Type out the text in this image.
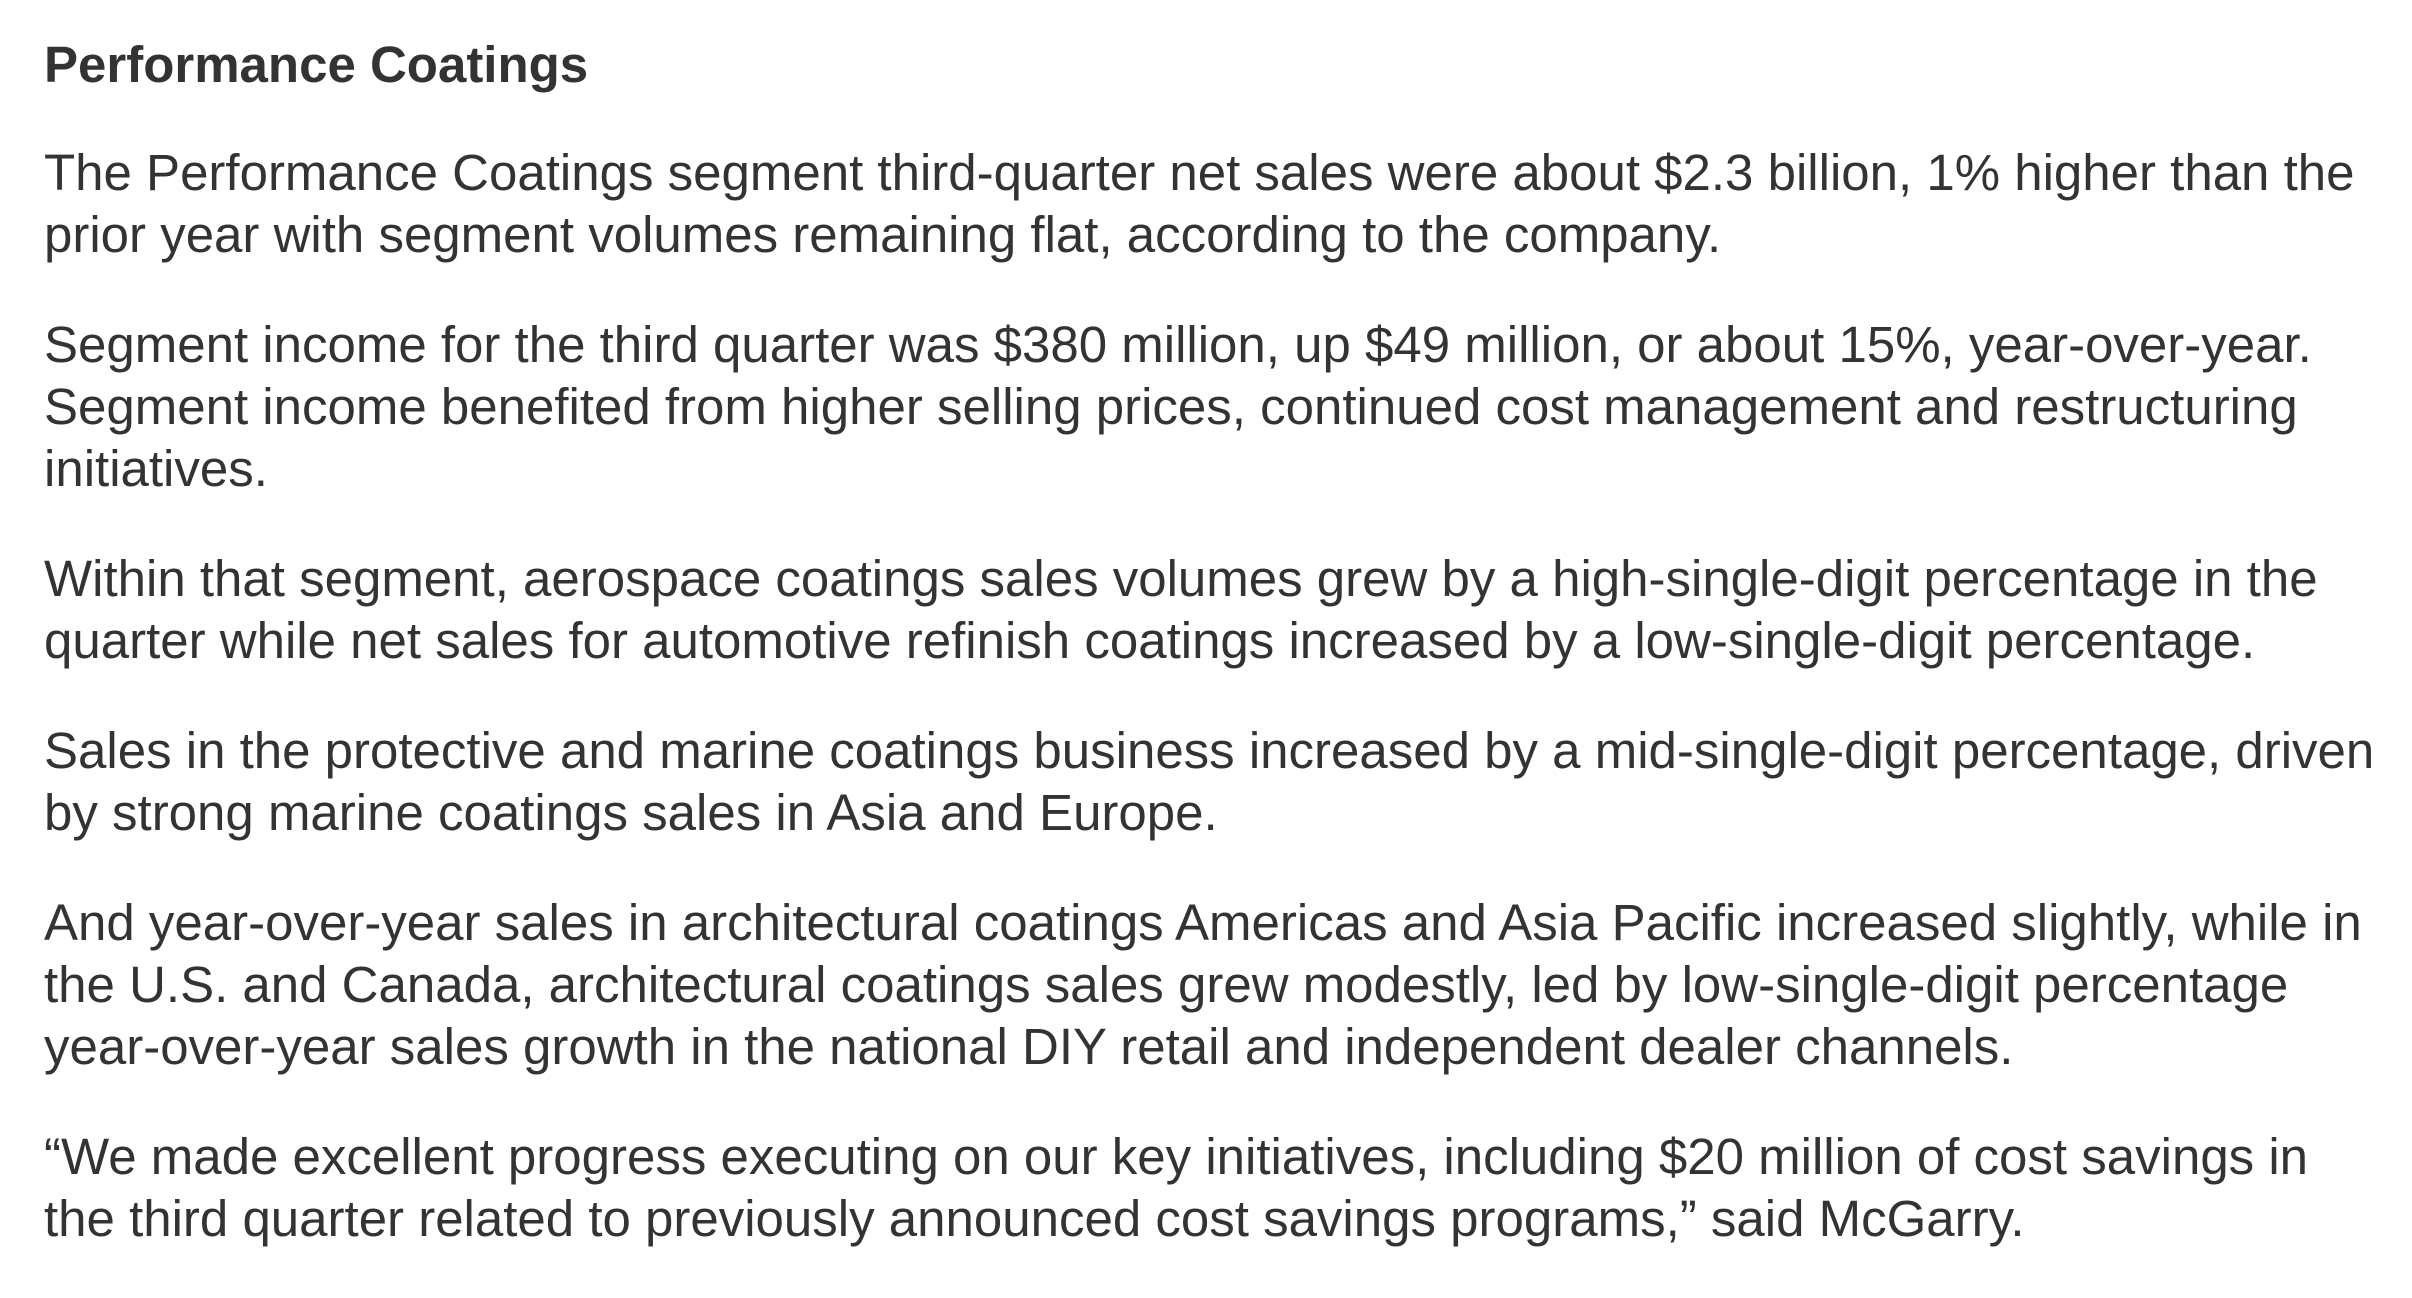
Performance Coatings

The Performance Coatings segment third-quarter net sales were about $2.3 billion, 1% higher than the prior year with segment volumes remaining flat, according to the company.

Segment income for the third quarter was $380 million, up $49 million, or about 15%, year-over-year. Segment income benefited from higher selling prices, continued cost management and restructuring initiatives.

Within that segment, aerospace coatings sales volumes grew by a high-single-digit percentage in the quarter while net sales for automotive refinish coatings increased by a low-single-digit percentage.

Sales in the protective and marine coatings business increased by a mid-single-digit percentage, driven by strong marine coatings sales in Asia and Europe.

And year-over-year sales in architectural coatings Americas and Asia Pacific increased slightly, while in the U.S. and Canada, architectural coatings sales grew modestly, led by low-single-digit percentage year-over-year sales growth in the national DIY retail and independent dealer channels.

“We made excellent progress executing on our key initiatives, including $20 million of cost savings in the third quarter related to previously announced cost savings programs,” said McGarry.
